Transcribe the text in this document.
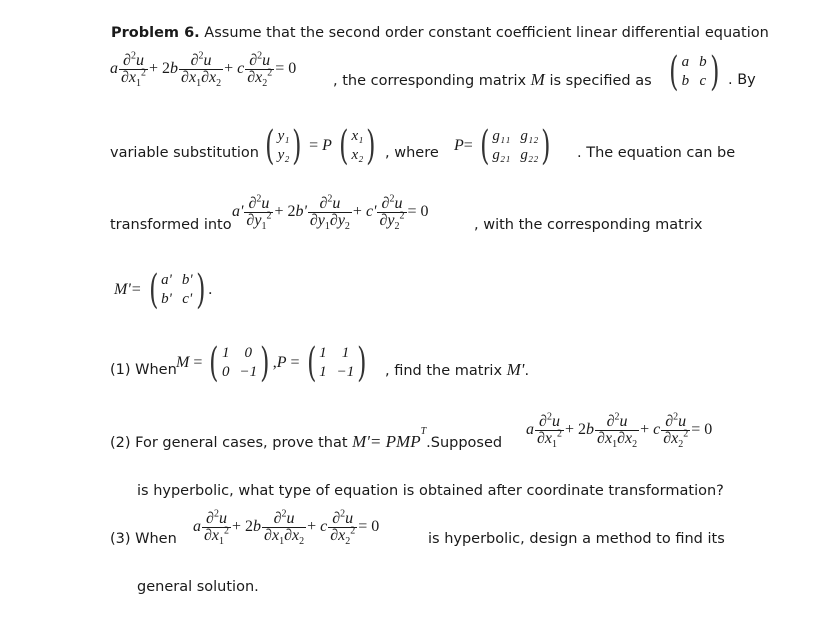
Problem 6. Assume that the second order constant coefficient linear differential equation
a $\frac{\partial^2u}{\partial x_1^2} + 2b \frac{\partial^2u}{\partial x_1\partial x_2} + c \frac{\partial^2u}{\partial x_2^2} = 0$
, the corresponding matrix M is specified as ( a b
b c ) . By
variable substitution ( y₁
y₂ ) = P ( x₁
x₂ ) , where P= ( g₁₁ g₁₂
g₂₁ g₂₂ ) . The equation can be
transformed into
$a' \frac{\partial^2u}{\partial y_1^2} + 2b' \frac{\partial^2u}{\partial y_1\partial y_2} + c' \frac{\partial^2u}{\partial y_2^2} = 0$
, with the corresponding matrix
M'= ( a' b'
b' c' ) .
(1) When M = ( 1	0
0 −1 ) ,P = ( 1	1
1 −1 ) , find the matrix M'.
(2) For general cases, prove that $M'= PMP^T.Supposed$
a $\frac{\partial^2u}{\partial x_1^2} + 2b \frac{\partial^2u}{\partial x_1\partial x_2} + c \frac{\partial^2u}{\partial x_2^2} = 0$
is hyperbolic, what type of equation is obtained after coordinate transformation?
(3) When
a $\frac{\partial^2u}{\partial x_1^2} + 2b \frac{\partial^2u}{\partial x_1\partial x_2} + c \frac{\partial^2u}{\partial x_2^2} = 0$
is hyperbolic, design a method to find its
general solution.
